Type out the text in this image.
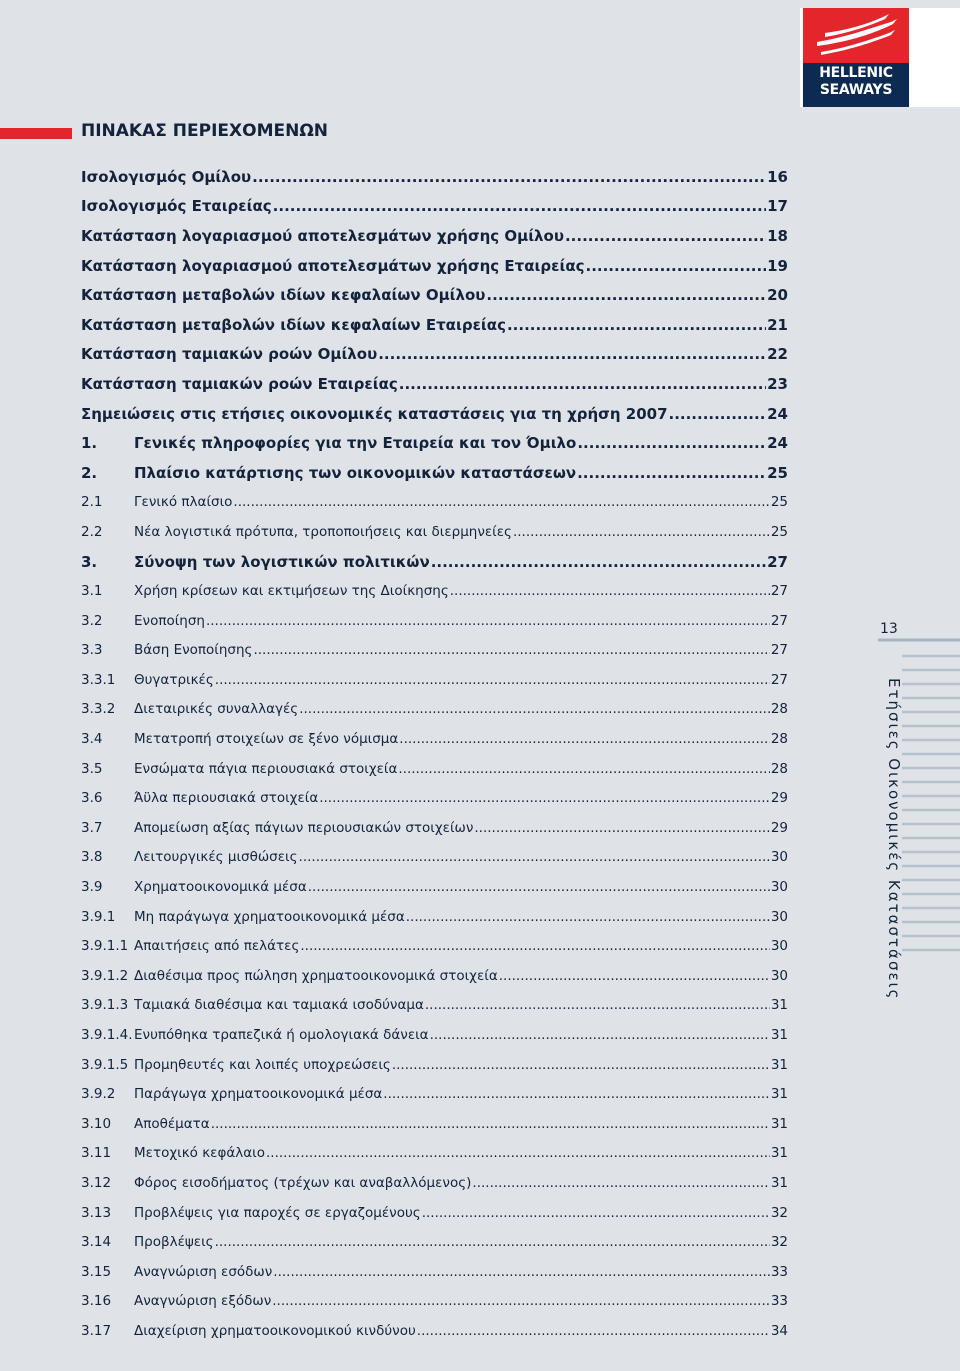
HELLENIC
SEAWAYS
ΠΙΝΑΚΑΣ ΠΕΡΙΕΧΟΜΕΝΩΝ
Ισολογισμός Ομίλου .....	16
Ισολογισμός Εταιρείας .....	17
Κατάσταση λογαριασμού αποτελεσμάτων χρήσης Ομίλου .....	18
Κατάσταση λογαριασμού αποτελεσμάτων χρήσης Εταιρείας .....	19
Κατάσταση μεταβολών ιδίων κεφαλαίων Ομίλου .....	20
Κατάσταση μεταβολών ιδίων κεφαλαίων Εταιρείας .....	21
Κατάσταση ταμιακών ροών Ομίλου .....	22
Κατάσταση ταμιακών ροών Εταιρείας .....	23
Σημειώσεις στις ετήσιες οικονομικές καταστάσεις για τη χρήση 2007 .....	24
1.	Γενικές πληροφορίες για την Εταιρεία και τον Όμιλο .....	24
2.	Πλαίσιο κατάρτισης των οικονομικών καταστάσεων .....	25
2.1	Γενικό πλαίσιο .....	25
2.2	Νέα λογιστικά πρότυπα, τροποποιήσεις και διερμηνείες .....	25
3.	Σύνοψη των λογιστικών πολιτικών .....	27
3.1	Χρήση κρίσεων και εκτιμήσεων της Διοίκησης .....	27
3.2	Ενοποίηση .....	27
3.3	Βάση Ενοποίησης .....	27
3.3.1	Θυγατρικές .....	27
3.3.2	Διεταιρικές συναλλαγές .....	28
3.4	Μετατροπή στοιχείων σε ξένο νόμισμα .....	28
3.5	Ενσώματα πάγια περιουσιακά στοιχεία .....	28
3.6	Άϋλα περιουσιακά στοιχεία .....	29
3.7	Απομείωση αξίας πάγιων περιουσιακών στοιχείων .....	29
3.8	Λειτουργικές μισθώσεις .....	30
3.9	Χρηματοοικονομικά μέσα .....	30
3.9.1	Μη παράγωγα χρηματοοικονομικά μέσα .....	30
3.9.1.1 Απαιτήσεις από πελάτες .....	30
3.9.1.2 Διαθέσιμα προς πώληση χρηματοοικονομικά στοιχεία .....	30
3.9.1.3 Ταμιακά διαθέσιμα και ταμιακά ισοδύναμα .....	31
3.9.1.4. Ενυπόθηκα τραπεζικά ή ομολογιακά δάνεια .....	31
3.9.1.5 Προμηθευτές και λοιπές υποχρεώσεις .....	31
3.9.2	Παράγωγα χρηματοοικονομικά μέσα .....	31
3.10	Αποθέματα .....	31
3.11	Μετοχικό κεφάλαιο .....	31
3.12	Φόρος εισοδήματος (τρέχων και αναβαλλόμενος) .....	31
3.13	Προβλέψεις για παροχές σε εργαζομένους .....	32
3.14	Προβλέψεις .....	32
3.15	Αναγνώριση εσόδων .....	33
3.16	Αναγνώριση εξόδων .....	33
3.17	Διαχείριση χρηματοοικονομικού κινδύνου .....	34
13
Ετήσιες Οικονομικές Καταστάσεις
